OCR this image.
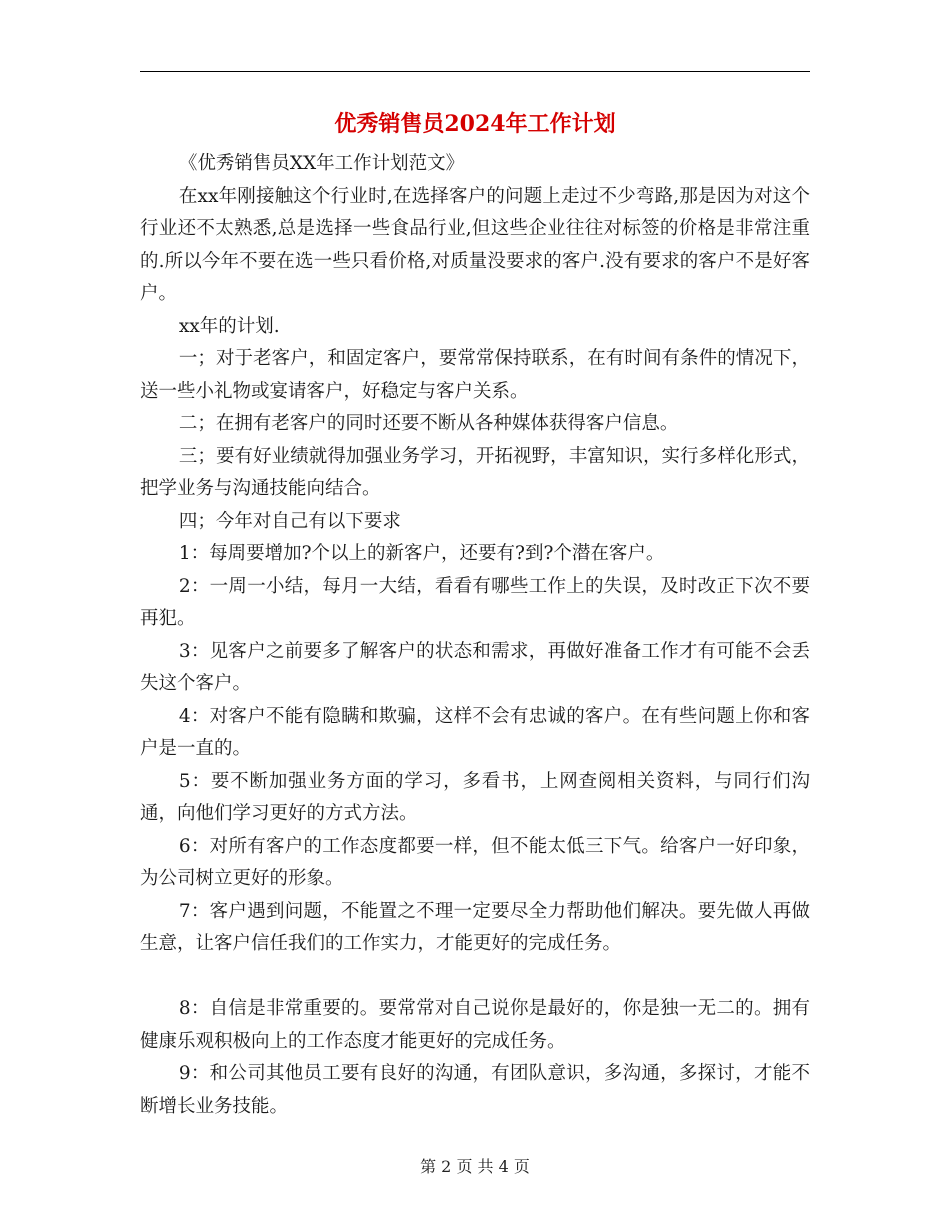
优秀销售员2024年工作计划

《优秀销售员XX年工作计划范文》

在xx年刚接触这个行业时,在选择客户的问题上走过不少弯路,那是因为对这个行业还不太熟悉,总是选择一些食品行业,但这些企业往往对标签的价格是非常注重的.所以今年不要在选一些只看价格,对质量没要求的客户.没有要求的客户不是好客户。

xx年的计划.

一；对于老客户，和固定客户，要常常保持联系，在有时间有条件的情况下，送一些小礼物或宴请客户，好稳定与客户关系。

二；在拥有老客户的同时还要不断从各种媒体获得客户信息。

三；要有好业绩就得加强业务学习，开拓视野，丰富知识，实行多样化形式，把学业务与沟通技能向结合。

四；今年对自己有以下要求

1：每周要增加?个以上的新客户，还要有?到?个潜在客户。

2：一周一小结，每月一大结，看看有哪些工作上的失误，及时改正下次不要再犯。

3：见客户之前要多了解客户的状态和需求，再做好准备工作才有可能不会丢失这个客户。

4：对客户不能有隐瞒和欺骗，这样不会有忠诚的客户。在有些问题上你和客户是一直的。

5：要不断加强业务方面的学习，多看书，上网查阅相关资料，与同行们沟通，向他们学习更好的方式方法。

6：对所有客户的工作态度都要一样，但不能太低三下气。给客户一好印象，为公司树立更好的形象。

7：客户遇到问题，不能置之不理一定要尽全力帮助他们解决。要先做人再做生意，让客户信任我们的工作实力，才能更好的完成任务。

8：自信是非常重要的。要常常对自己说你是最好的，你是独一无二的。拥有健康乐观积极向上的工作态度才能更好的完成任务。

9：和公司其他员工要有良好的沟通，有团队意识，多沟通，多探讨，才能不断增长业务技能。

第 2 页 共 4 页
